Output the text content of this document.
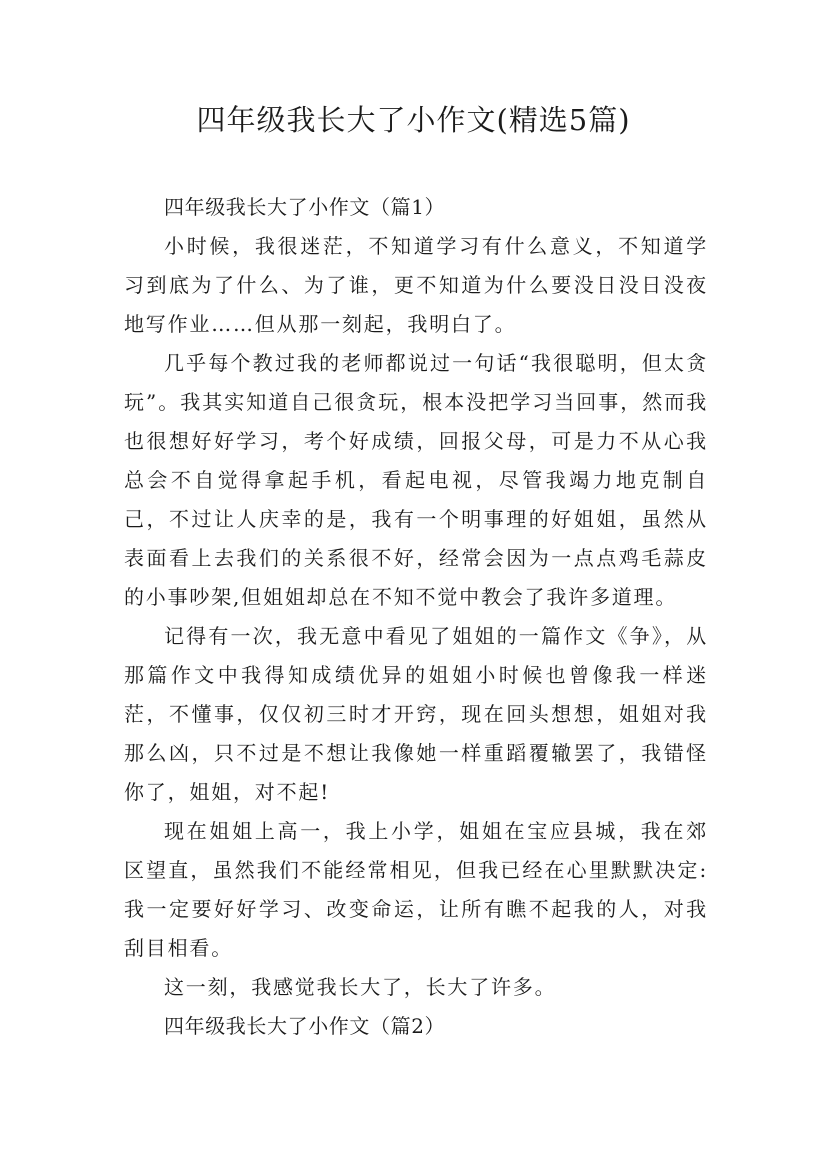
四年级我长大了小作文(精选5篇)

四年级我长大了小作文（篇1）

小时候，我很迷茫，不知道学习有什么意义，不知道学习到底为了什么、为了谁，更不知道为什么要没日没日没夜地写作业……但从那一刻起，我明白了。

几乎每个教过我的老师都说过一句话“我很聪明，但太贪玩”。我其实知道自己很贪玩，根本没把学习当回事，然而我也很想好好学习，考个好成绩，回报父母，可是力不从心我总会不自觉得拿起手机，看起电视，尽管我竭力地克制自己，不过让人庆幸的是，我有一个明事理的好姐姐，虽然从表面看上去我们的关系很不好，经常会因为一点点鸡毛蒜皮的小事吵架,但姐姐却总在不知不觉中教会了我许多道理。

记得有一次，我无意中看见了姐姐的一篇作文《争》，从那篇作文中我得知成绩优异的姐姐小时候也曾像我一样迷茫，不懂事，仅仅初三时才开窍，现在回头想想，姐姐对我那么凶，只不过是不想让我像她一样重蹈覆辙罢了，我错怪你了，姐姐，对不起!

现在姐姐上高一，我上小学，姐姐在宝应县城，我在郊区望直，虽然我们不能经常相见，但我已经在心里默默决定:我一定要好好学习、改变命运，让所有瞧不起我的人，对我刮目相看。

这一刻，我感觉我长大了，长大了许多。

四年级我长大了小作文（篇2）
